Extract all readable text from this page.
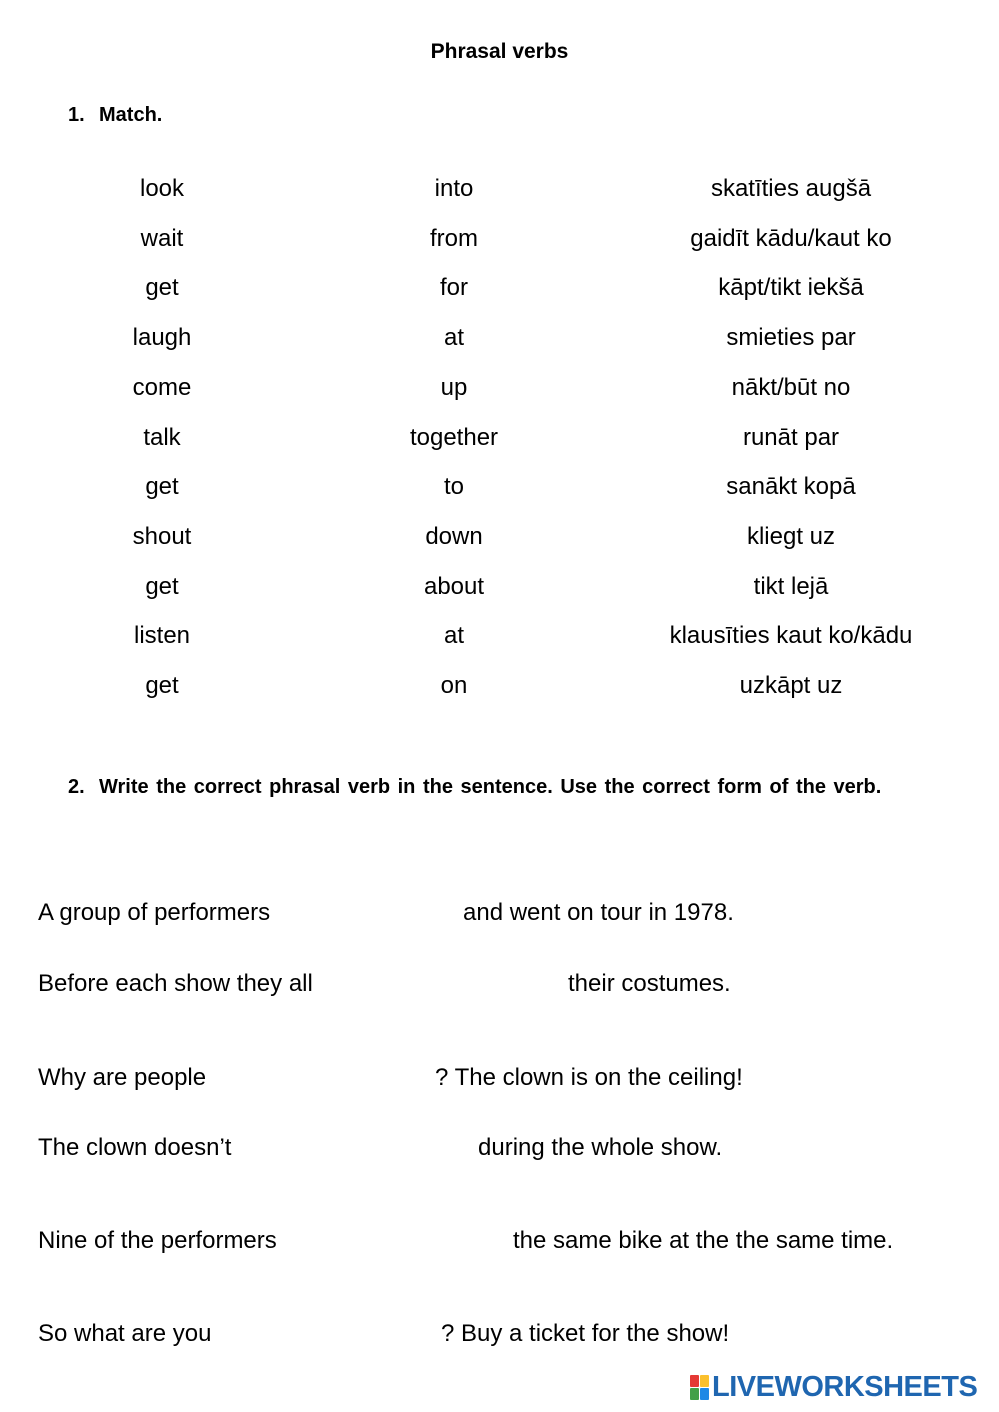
Phrasal verbs
1. Match.
look	into	skatīties augšā
wait	from	gaidīt kādu/kaut ko
get	for	kāpt/tikt iekšā
laugh	at	smieties par
come	up	nākt/būt no
talk	together	runāt par
get	to	sanākt kopā
shout	down	kliegt uz
get	about	tikt lejā
listen	at	klausīties kaut ko/kādu
get	on	uzkāpt uz
2. Write the correct phrasal verb in the sentence. Use the correct form of the verb.
A group of performers	and went on tour in 1978.
Before each show they all	their costumes.
Why are people	? The clown is on the ceiling!
The clown doesn’t	during the whole show.
Nine of the performers	the same bike at the the same time.
So what are you	? Buy a ticket for the show!
LIVEWORKSHEETS
